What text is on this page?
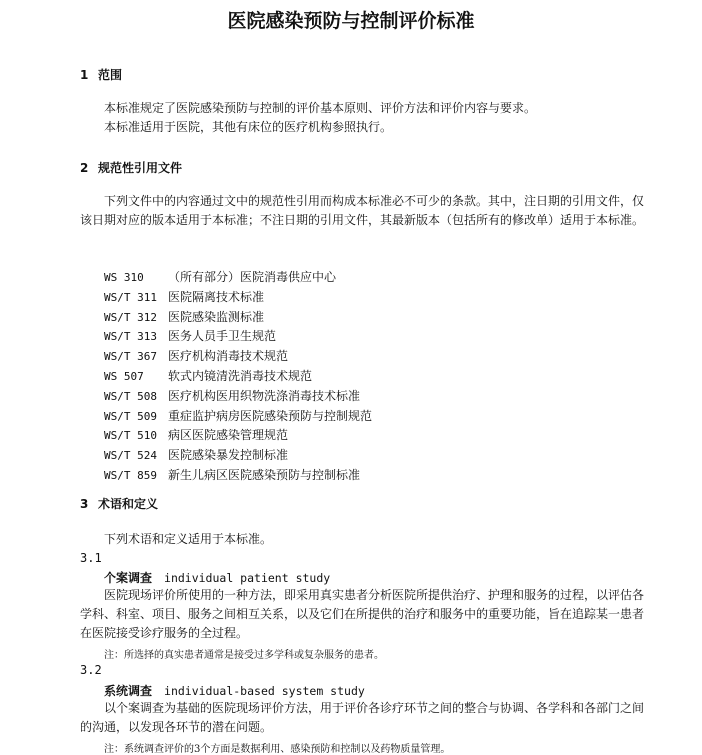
医院感染预防与控制评价标准
1 范围
本标准规定了医院感染预防与控制的评价基本原则、评价方法和评价内容与要求。
本标准适用于医院，其他有床位的医疗机构参照执行。
2 规范性引用文件
下列文件中的内容通过文中的规范性引用而构成本标准必不可少的条款。其中，注日期的引用文件，仅该日期对应的版本适用于本标准；不注日期的引用文件，其最新版本（包括所有的修改单）适用于本标准。
WS 310 （所有部分）医院消毒供应中心
WS/T 311 医院隔离技术标准
WS/T 312 医院感染监测标准
WS/T 313 医务人员手卫生规范
WS/T 367 医疗机构消毒技术规范
WS 507 软式内镜清洗消毒技术规范
WS/T 508 医疗机构医用织物洗涤消毒技术标准
WS/T 509 重症监护病房医院感染预防与控制规范
WS/T 510 病区医院感染管理规范
WS/T 524 医院感染暴发控制标准
WS/T 859 新生儿病区医院感染预防与控制标准
3 术语和定义
下列术语和定义适用于本标准。
3.1
个案调查 individual patient study
医院现场评价所使用的一种方法，即采用真实患者分析医院所提供治疗、护理和服务的过程，以评估各学科、科室、项目、服务之间相互关系，以及它们在所提供的治疗和服务中的重要功能，旨在追踪某一患者在医院接受诊疗服务的全过程。
注：所选择的真实患者通常是接受过多学科或复杂服务的患者。
3.2
系统调查 individual-based system study
以个案调查为基础的医院现场评价方法，用于评价各诊疗环节之间的整合与协调、各学科和各部门之间的沟通，以发现各环节的潜在问题。
注：系统调查评价的3个方面是数据利用、感染预防和控制以及药物质量管理。
